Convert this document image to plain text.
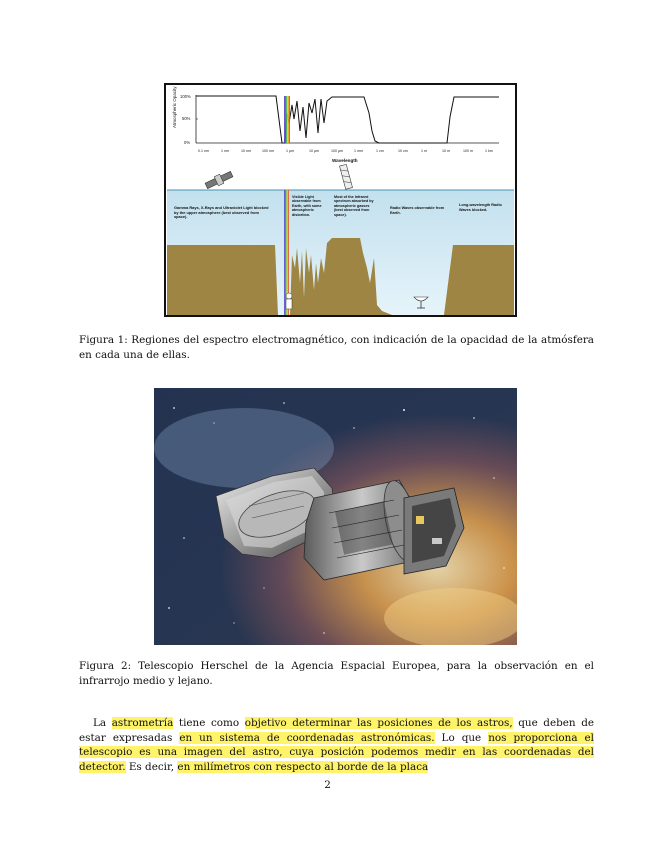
Atmospheric Opacity 100%
50%
0%
0.1 nm	1 nm	10 nm	100 nm	1 μm	10 μm	100 μm	1 mm	1 cm	10 cm	1 m	10 m	100 m	1 km
Wavelength
Gamma Rays, X-Rays and Ultraviolet Light blocked by the upper atmosphere (best observed from space).
Visible Light observable from Earth, with some atmospheric distortion.
Most of the Infrared spectrum absorbed by atmospheric gasses (best observed from space).
Radio Waves observable from Earth.
Long-wavelength Radio Waves blocked.
Figura 1: Regiones del espectro electromagnético, con indicación de la opacidad de la atmósfera en cada una de ellas.
Figura 2: Telescopio Herschel de la Agencia Espacial Europea, para la observación en el infrarrojo medio y lejano.
La astrometría tiene como objetivo determinar las posiciones de los astros, que deben de estar expresadas en un sistema de coordenadas astronómicas. Lo que nos proporciona el telescopio es una imagen del astro, cuya posición podemos medir en las coordenadas del detector. Es decir, en milímetros con respecto al borde de la placa
2
